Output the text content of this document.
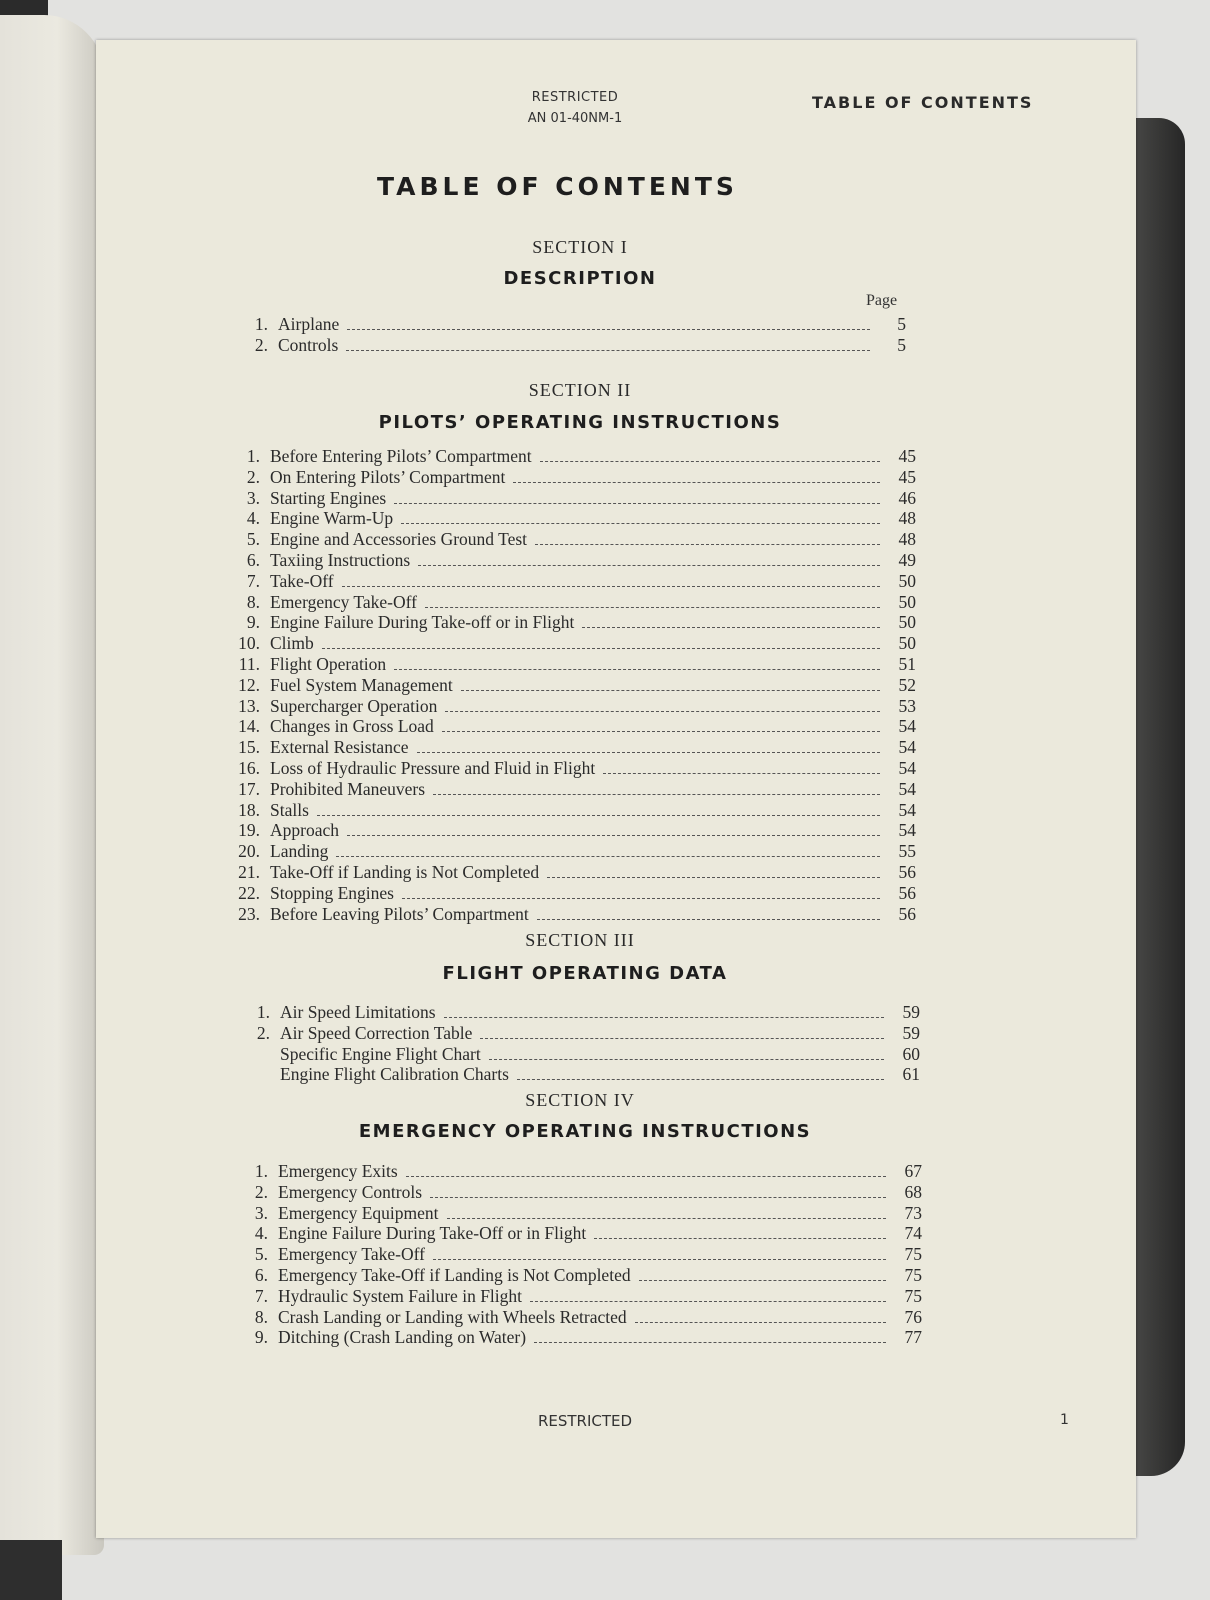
RESTRICTED
AN 01-40NM-1
TABLE OF CONTENTS
TABLE OF CONTENTS
SECTION I
DESCRIPTION
Page
1. Airplane	5
2. Controls	5
SECTION II
PILOTS’ OPERATING INSTRUCTIONS
1. Before Entering Pilots’ Compartment	45
2. On Entering Pilots’ Compartment	45
3. Starting Engines	46
4. Engine Warm-Up	48
5. Engine and Accessories Ground Test	48
6. Taxiing Instructions	49
7. Take-Off	50
8. Emergency Take-Off	50
9. Engine Failure During Take-off or in Flight	50
10. Climb	50
11. Flight Operation	51
12. Fuel System Management	52
13. Supercharger Operation	53
14. Changes in Gross Load	54
15. External Resistance	54
16. Loss of Hydraulic Pressure and Fluid in Flight	54
17. Prohibited Maneuvers	54
18. Stalls	54
19. Approach	54
20. Landing	55
21. Take-Off if Landing is Not Completed	56
22. Stopping Engines	56
23. Before Leaving Pilots’ Compartment	56
SECTION III
FLIGHT OPERATING DATA
1. Air Speed Limitations	59
2. Air Speed Correction Table	59
Specific Engine Flight Chart	60
Engine Flight Calibration Charts	61
SECTION IV
EMERGENCY OPERATING INSTRUCTIONS
1. Emergency Exits	67
2. Emergency Controls	68
3. Emergency Equipment	73
4. Engine Failure During Take-Off or in Flight	74
5. Emergency Take-Off	75
6. Emergency Take-Off if Landing is Not Completed	75
7. Hydraulic System Failure in Flight	75
8. Crash Landing or Landing with Wheels Retracted	76
9. Ditching (Crash Landing on Water)	77
RESTRICTED	1
